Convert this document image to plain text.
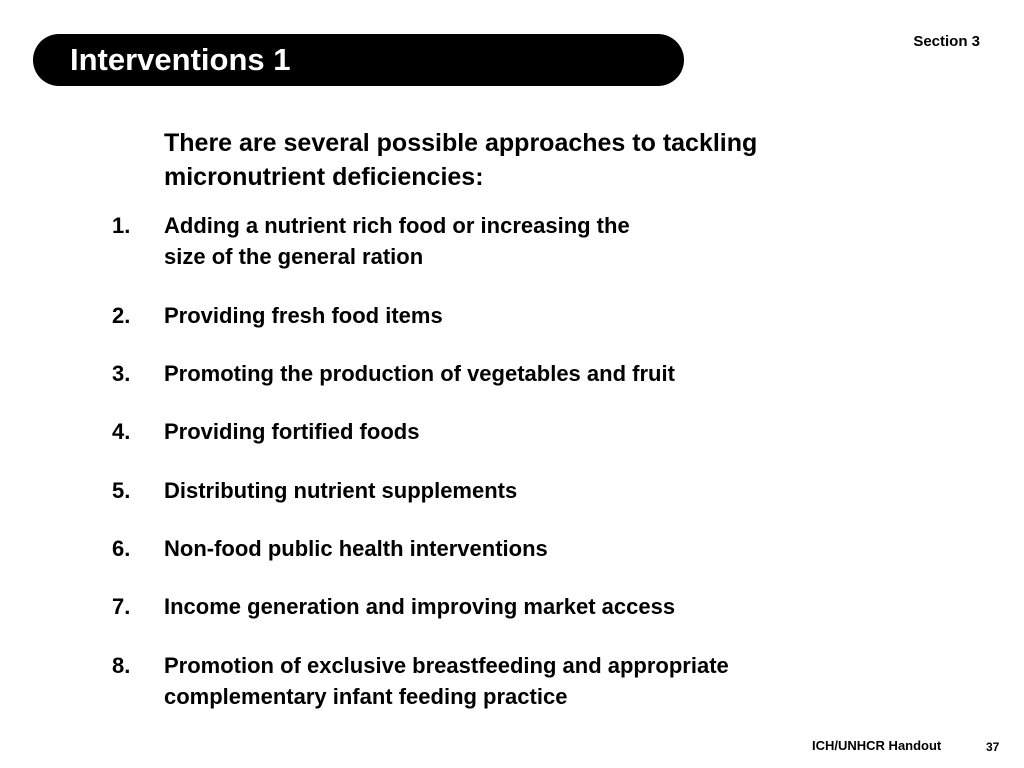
Interventions 1
Section 3
There are several possible approaches to tackling
micronutrient deficiencies:
1. Adding a nutrient rich food or increasing the
size of the general ration
2. Providing fresh food items
3. Promoting the production of vegetables and fruit
4. Providing fortified foods
5. Distributing nutrient supplements
6. Non-food public health interventions
7. Income generation and improving market access
8. Promotion of exclusive breastfeeding and appropriate
complementary infant feeding practice
ICH/UNHCR Handout	37
